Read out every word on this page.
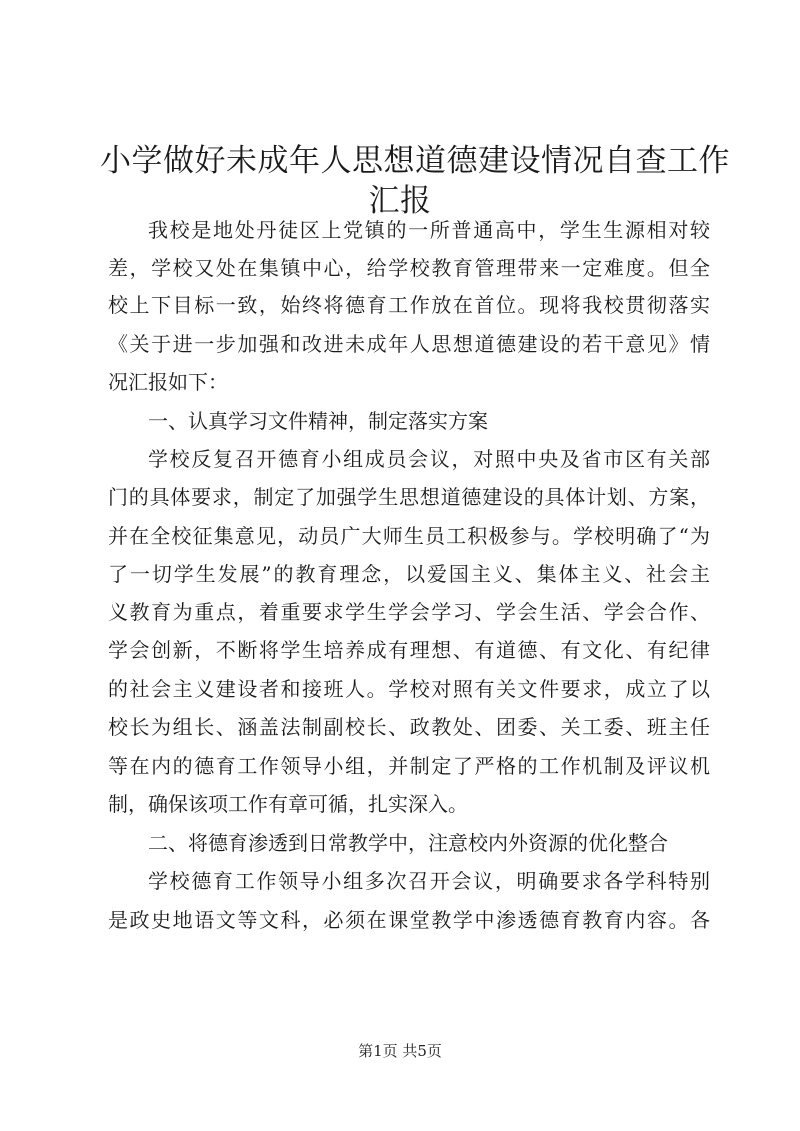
小学做好未成年人思想道德建设情况自查工作
汇报
我校是地处丹徒区上党镇的一所普通高中，学生生源相对较
差，学校又处在集镇中心，给学校教育管理带来一定难度。但全
校上下目标一致，始终将德育工作放在首位。现将我校贯彻落实
《关于进一步加强和改进未成年人思想道德建设的若干意见》情
况汇报如下：
一、认真学习文件精神，制定落实方案
学校反复召开德育小组成员会议，对照中央及省市区有关部
门的具体要求，制定了加强学生思想道德建设的具体计划、方案，
并在全校征集意见，动员广大师生员工积极参与。学校明确了“为
了一切学生发展”的教育理念，以爱国主义、集体主义、社会主
义教育为重点，着重要求学生学会学习、学会生活、学会合作、
学会创新，不断将学生培养成有理想、有道德、有文化、有纪律
的社会主义建设者和接班人。学校对照有关文件要求，成立了以
校长为组长、涵盖法制副校长、政教处、团委、关工委、班主任
等在内的德育工作领导小组，并制定了严格的工作机制及评议机
制，确保该项工作有章可循，扎实深入。
二、将德育渗透到日常教学中，注意校内外资源的优化整合
学校德育工作领导小组多次召开会议，明确要求各学科特别
是政史地语文等文科，必须在课堂教学中渗透德育教育内容。各
第1页 共5页
